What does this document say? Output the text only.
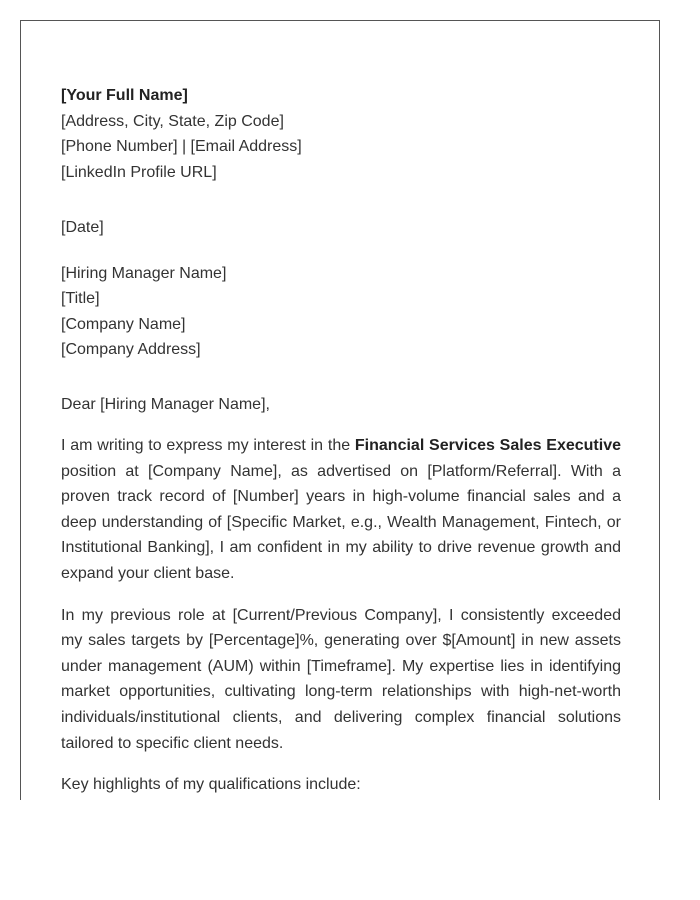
[Your Full Name]
[Address, City, State, Zip Code]
[Phone Number] | [Email Address]
[LinkedIn Profile URL]
[Date]
[Hiring Manager Name]
[Title]
[Company Name]
[Company Address]
Dear [Hiring Manager Name],

I am writing to express my interest in the Financial Services Sales Executive position at [Company Name], as advertised on [Platform/Referral]. With a proven track record of [Number] years in high-volume financial sales and a deep understanding of [Specific Market, e.g., Wealth Management, Fintech, or Institutional Banking], I am confident in my ability to drive revenue growth and expand your client base.

In my previous role at [Current/Previous Company], I consistently exceeded my sales targets by [Percentage]%, generating over $[Amount] in new assets under management (AUM) within [Timeframe]. My expertise lies in identifying market opportunities, cultivating long-term relationships with high-net-worth individuals/institutional clients, and delivering complex financial solutions tailored to specific client needs.

Key highlights of my qualifications include:
